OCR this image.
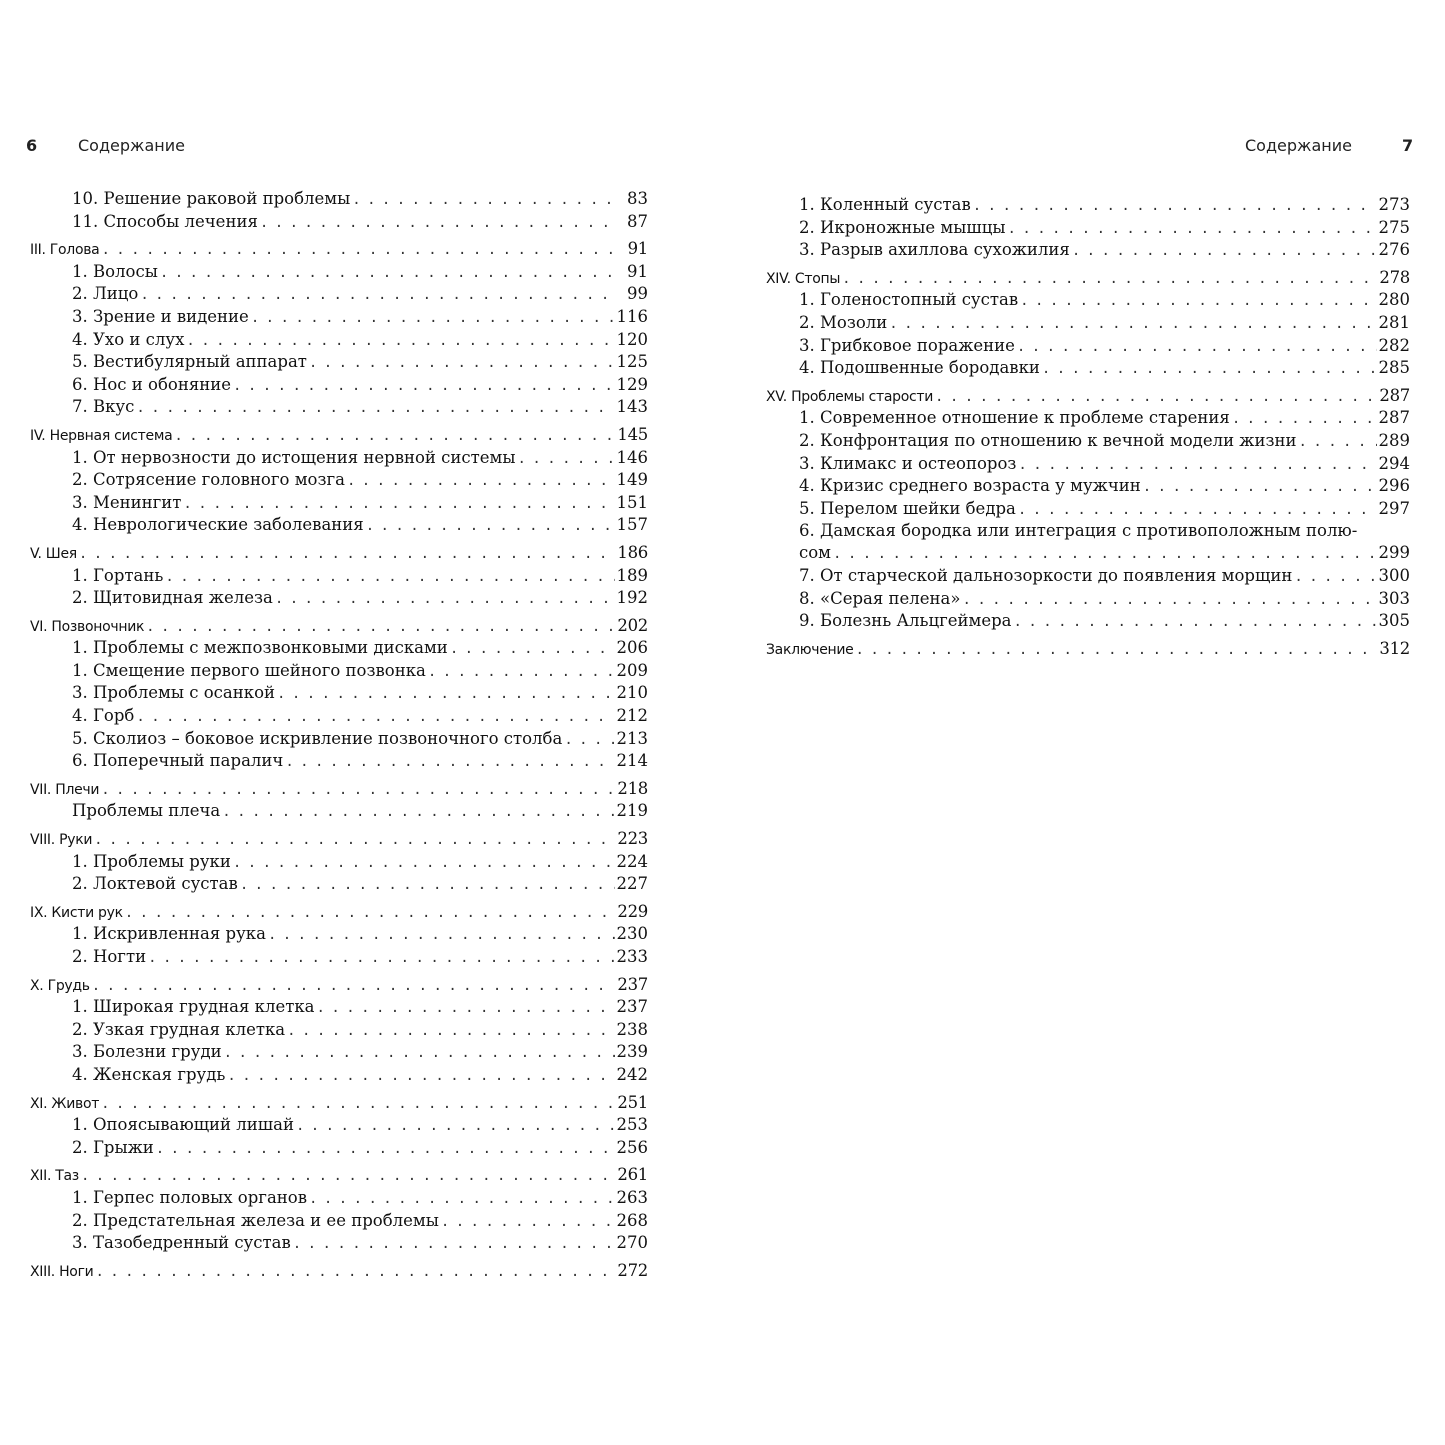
6	Содержание
10. Решение раковой проблемы . . .	83
11. Способы лечения . . .	87
III. Голова . . .	91
1. Волосы . . .	91
2. Лицо . . .	99
3. Зрение и видение . . .	116
4. Ухо и слух . . .	120
5. Вестибулярный аппарат . . .	125
6. Нос и обоняние . . .	129
7. Вкус . . .	143
IV. Нервная система . . .	145
1. От нервозности до истощения нервной системы . . .	146
2. Сотрясение головного мозга . . .	149
3. Менингит . . .	151
4. Неврологические заболевания . . .	157
V. Шея . . .	186
1. Гортань . . .	189
2. Щитовидная железа . . .	192
VI. Позвоночник . . .	202
1. Проблемы с межпозвонковыми дисками . . .	206
1. Смещение первого шейного позвонка . . .	209
3. Проблемы с осанкой . . .	210
4. Горб . . .	212
5. Сколиоз – боковое искривление позвоночного столба . . .	213
6. Поперечный паралич . . .	214
VII. Плечи . . .	218
Проблемы плеча . . .	219
VIII. Руки . . .	223
1. Проблемы руки . . .	224
2. Локтевой сустав . . .	227
IX. Кисти рук . . .	229
1. Искривленная рука . . .	230
2. Ногти . . .	233
X. Грудь . . .	237
1. Широкая грудная клетка . . .	237
2. Узкая грудная клетка . . .	238
3. Болезни груди . . .	239
4. Женская грудь . . .	242
XI. Живот . . .	251
1. Опоясывающий лишай . . .	253
2. Грыжи . . .	256
XII. Таз . . .	261
1. Герпес половых органов . . .	263
2. Предстательная железа и ее проблемы . . .	268
3. Тазобедренный сустав . . .	270
XIII. Ноги . . .	272
Содержание	7
1. Коленный сустав . . .	273
2. Икроножные мышцы . . .	275
3. Разрыв ахиллова сухожилия . . .	276
XIV. Стопы . . .	278
1. Голеностопный сустав . . .	280
2. Мозоли . . .	281
3. Грибковое поражение . . .	282
4. Подошвенные бородавки . . .	285
XV. Проблемы старости . . .	287
1. Современное отношение к проблеме старения . . .	287
2. Конфронтация по отношению к вечной модели жизни . . .	289
3. Климакс и остеопороз . . .	294
4. Кризис среднего возраста у мужчин . . .	296
5. Перелом шейки бедра . . .	297
6. Дамская бородка или интеграция с противоположным полю-
сом . . .	299
7. От старческой дальнозоркости до появления морщин . . .	300
8. «Серая пелена» . . .	303
9. Болезнь Альцгеймера . . .	305
Заключение . . .	312
